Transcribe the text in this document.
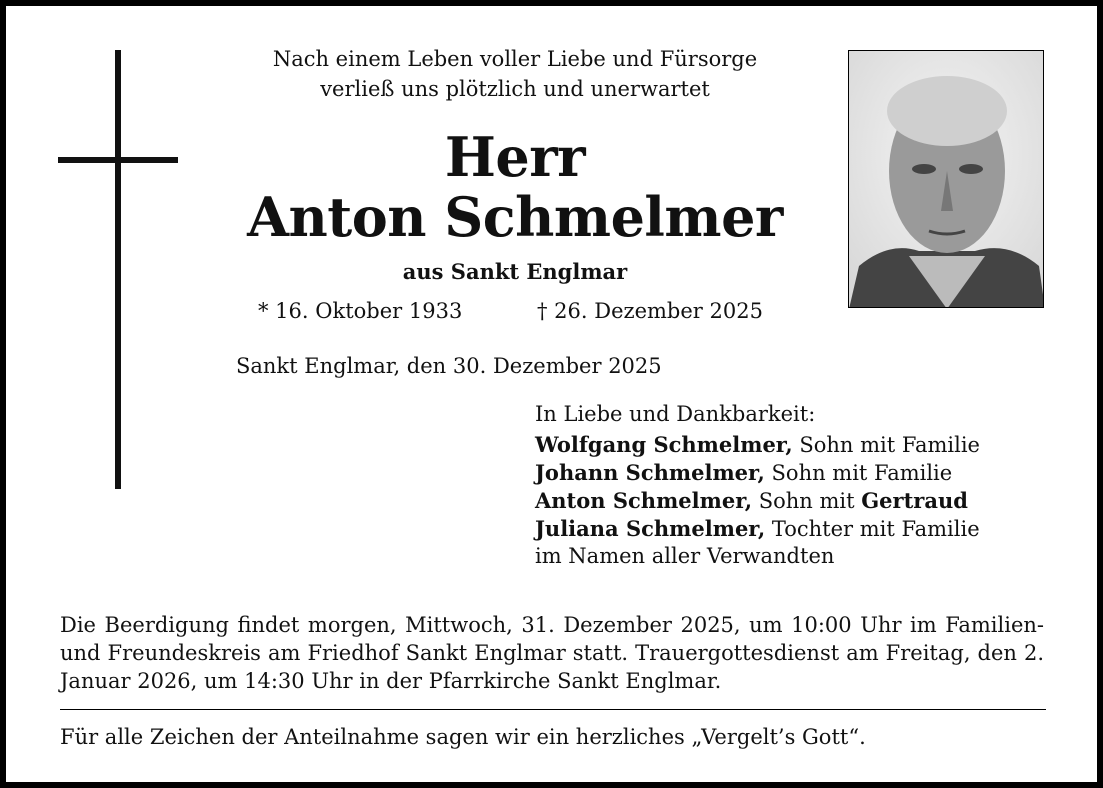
Nach einem Leben voller Liebe und Fürsorge
verließ uns plötzlich und unerwartet
Herr
Anton Schmelmer
aus Sankt Englmar
* 16. Oktober 1933	† 26. Dezember 2025
Sankt Englmar, den 30. Dezember 2025
In Liebe und Dankbarkeit:
Wolfgang Schmelmer, Sohn mit Familie
Johann Schmelmer, Sohn mit Familie
Anton Schmelmer, Sohn mit Gertraud
Juliana Schmelmer, Tochter mit Familie
im Namen aller Verwandten
Die Beerdigung findet morgen, Mittwoch, 31. Dezember 2025, um 10:00 Uhr im Familien- und Freundeskreis am Friedhof Sankt Englmar statt. Trauergottesdienst am Freitag, den 2. Januar 2026, um 14:30 Uhr in der Pfarrkirche Sankt Englmar.
Für alle Zeichen der Anteilnahme sagen wir ein herzliches „Vergelt’s Gott“.
